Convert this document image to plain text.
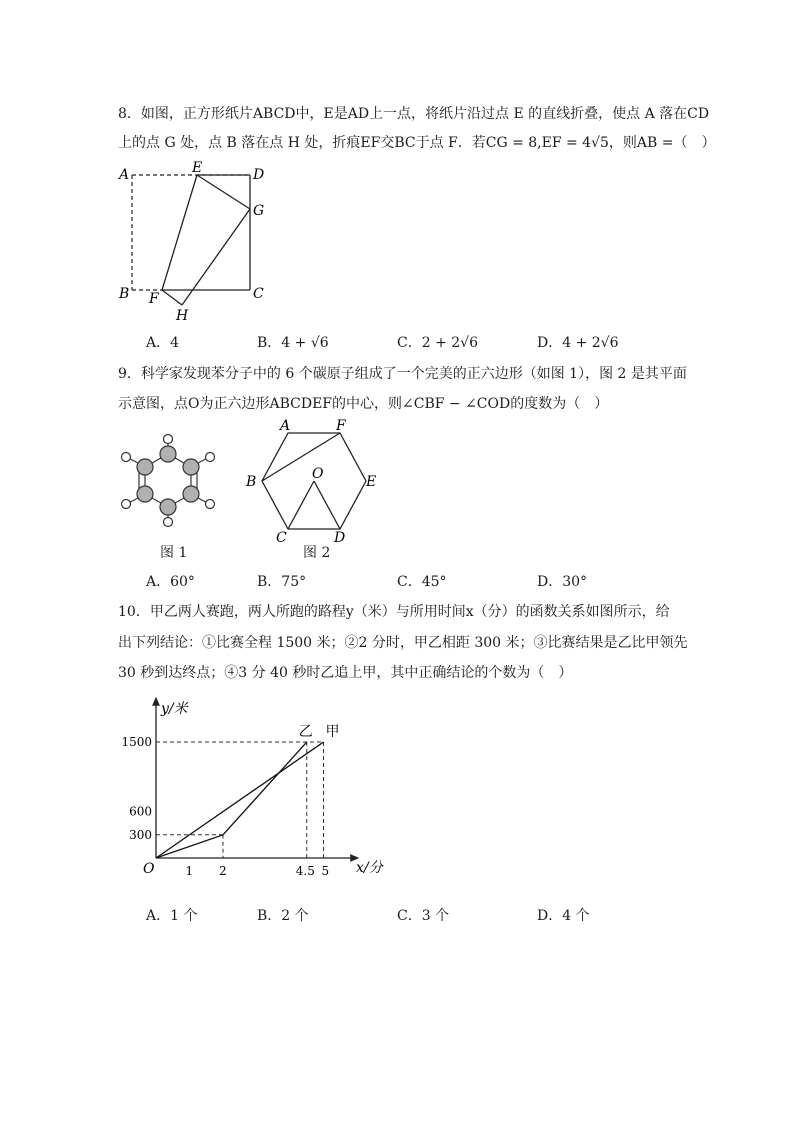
8．如图，正方形纸片ABCD中，E是AD上一点，将纸片沿过点 E 的直线折叠，使点 A 落在CD
上的点 G 处，点 B 落在点 H 处，折痕EF交BC于点 F．若CG = 8,EF = 4√5，则AB =（　）
A	E	D
G
B F
H
C
A．4	B．4 + √6	C．2 + 2√6	D．4 + 2√6
9．科学家发现苯分子中的 6 个碳原子组成了一个完美的正六边形（如图 1），图 2 是其平面
示意图，点O为正六边形ABCDEF的中心，则∠CBF − ∠COD的度数为（　）
图 1
A	F
B	O	E
C	D
图 2
A．60°	B．75°	C．45°	D．30°
10．甲乙两人赛跑，两人所跑的路程y（米）与所用时间x（分）的函数关系如图所示，给
出下列结论：①比赛全程 1500 米；②2 分时，甲乙相距 300 米；③比赛结果是乙比甲领先
30 秒到达终点；④3 分 40 秒时乙追上甲，其中正确结论的个数为（　）
甲
乙
1 2	4.5 5
300
600
1500
y/米
x/分
O
A．1 个	B．2 个	C．3 个	D．4 个
